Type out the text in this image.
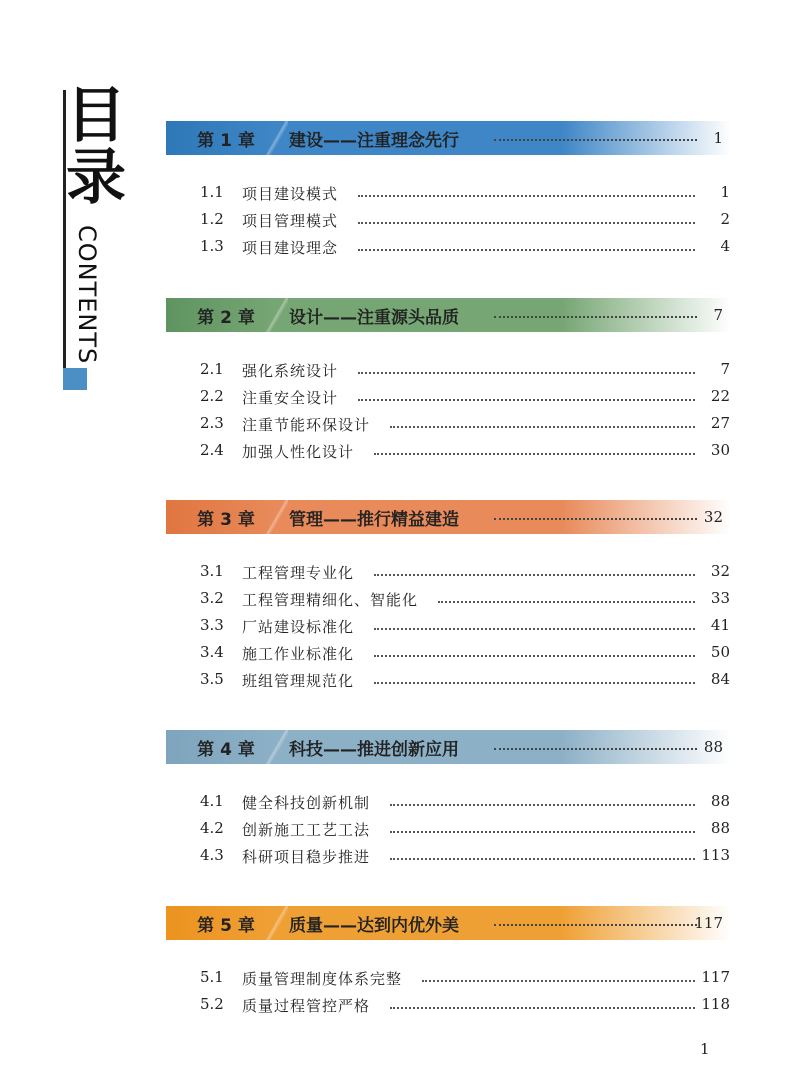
目
录
CONTENTS
第 1 章	建设——注重理念先行	1
1.1 项目建设模式	1
1.2 项目管理模式	2
1.3 项目建设理念	4
第 2 章	设计——注重源头品质	7
2.1 强化系统设计	7
2.2 注重安全设计	22
2.3 注重节能环保设计	27
2.4 加强人性化设计	30
第 3 章	管理——推行精益建造	32
3.1 工程管理专业化	32
3.2 工程管理精细化、智能化	33
3.3 厂站建设标准化	41
3.4 施工作业标准化	50
3.5 班组管理规范化	84
第 4 章	科技——推进创新应用	88
4.1 健全科技创新机制	88
4.2 创新施工工艺工法	88
4.3 科研项目稳步推进	113
第 5 章	质量——达到内优外美	117
5.1 质量管理制度体系完整	117
5.2 质量过程管控严格	118
1
